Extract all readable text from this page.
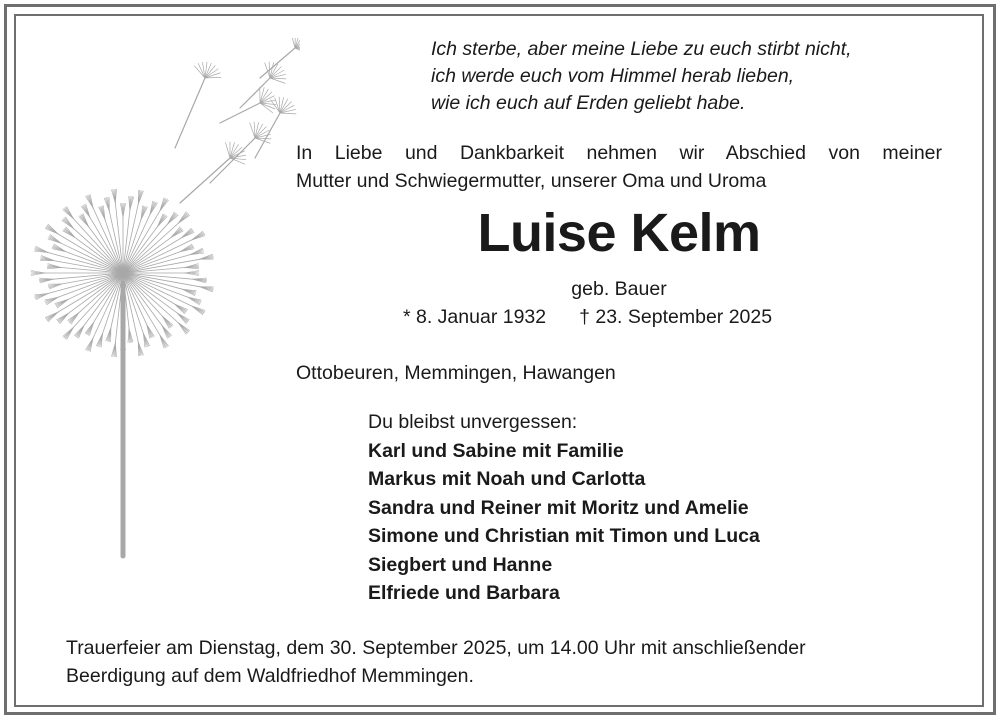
Ich sterbe, aber meine Liebe zu euch stirbt nicht,
ich werde euch vom Himmel herab lieben,
wie ich euch auf Erden geliebt habe.
In Liebe und Dankbarkeit nehmen wir Abschied von meiner
Mutter und Schwiegermutter, unserer Oma und Uroma
Luise Kelm
geb. Bauer
* 8. Januar 1932 † 23. September 2025
Ottobeuren, Memmingen, Hawangen
Du bleibst unvergessen:
Karl und Sabine mit Familie
Markus mit Noah und Carlotta
Sandra und Reiner mit Moritz und Amelie
Simone und Christian mit Timon und Luca
Siegbert und Hanne
Elfriede und Barbara
Trauerfeier am Dienstag, dem 30. September 2025, um 14.00 Uhr mit anschließender
Beerdigung auf dem Waldfriedhof Memmingen.
